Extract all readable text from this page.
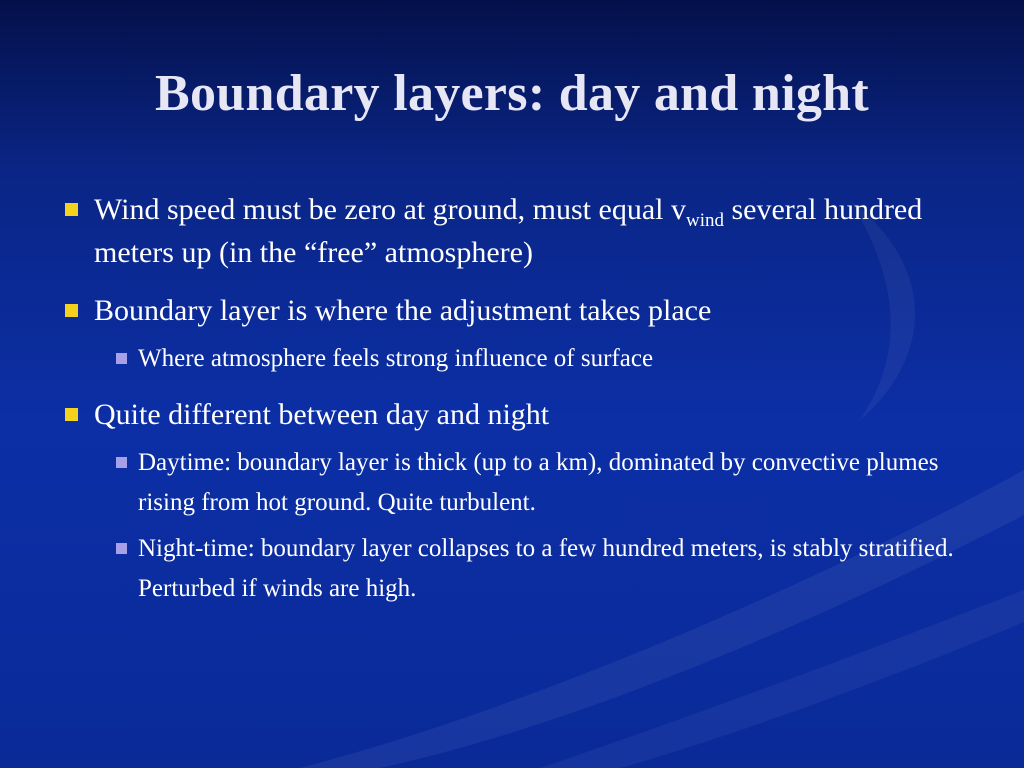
Boundary layers: day and night
Wind speed must be zero at ground, must equal $v_{wind}$ several hundred meters up (in the “free” atmosphere)
Boundary layer is where the adjustment takes place
Where atmosphere feels strong influence of surface
Quite different between day and night
Daytime: boundary layer is thick (up to a km), dominated by convective plumes rising from hot ground. Quite turbulent.
Night-time: boundary layer collapses to a few hundred meters, is stably stratified. Perturbed if winds are high.
